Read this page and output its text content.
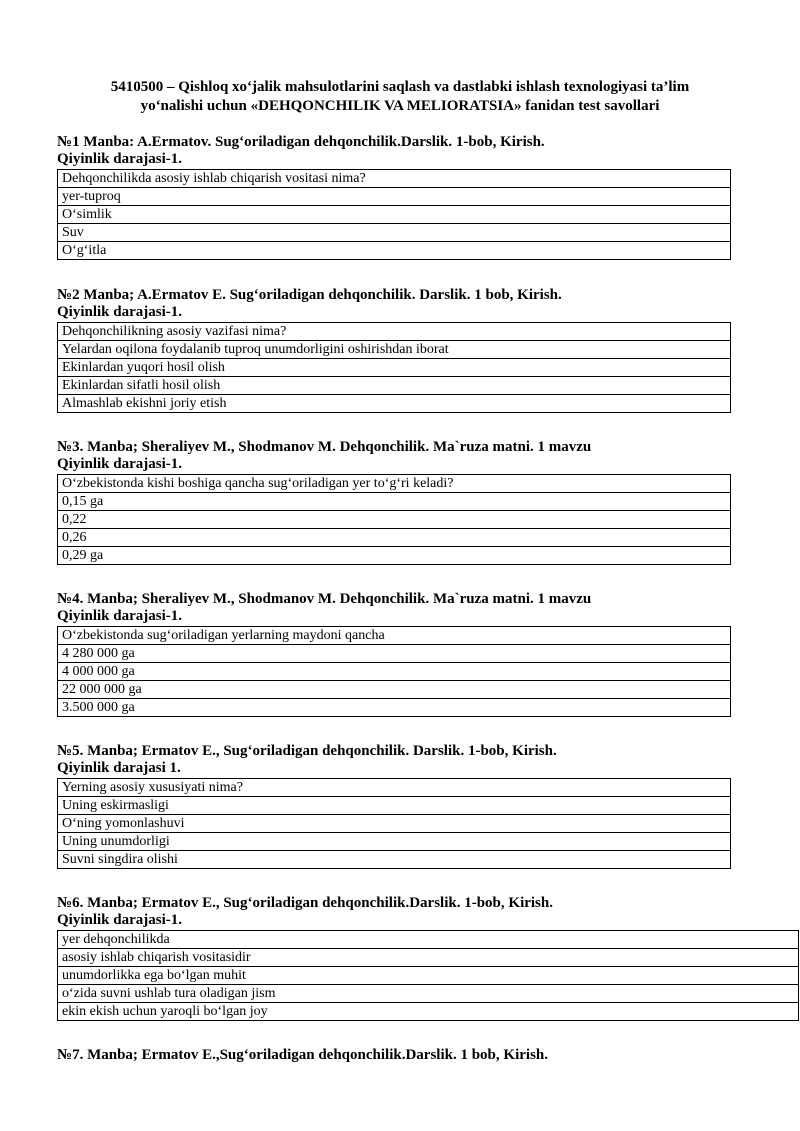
5410500 – Qishloq xo‘jalik mahsulotlarini saqlash va dastlabki ishlash texnologiyasi ta’lim
yo‘nalishi uchun «DEHQONCHILIK VA MELIORATSIA» fanidan test savollari
№1 Manba: A.Ermatov. Sug‘oriladigan dehqonchilik.Darslik. 1-bob, Kirish.
Qiyinlik darajasi-1.
Dehqonchilikda asosiy ishlab chiqarish vositasi nima?
yer-tuproq
O‘simlik
Suv
O‘g‘itla
№2 Manba; A.Ermatov E. Sug‘oriladigan dehqonchilik. Darslik. 1 bob, Kirish.
Qiyinlik darajasi-1.
Dehqonchilikning asosiy vazifasi nima?
Yelardan oqilona foydalanib tuproq unumdorligini oshirishdan iborat
Ekinlardan yuqori hosil olish
Ekinlardan sifatli hosil olish
Almashlab ekishni joriy etish
№3. Manba; Sheraliyev M., Shodmanov M. Dehqonchilik. Ma`ruza matni. 1 mavzu
Qiyinlik darajasi-1.
O‘zbekistonda kishi boshiga qancha sug‘oriladigan yer to‘g‘ri keladi?
0,15 ga
0,22
0,26
0,29 ga
№4. Manba; Sheraliyev M., Shodmanov M. Dehqonchilik. Ma`ruza matni. 1 mavzu
Qiyinlik darajasi-1.
O‘zbekistonda sug‘oriladigan yerlarning maydoni qancha
4 280 000 ga
4 000 000 ga
22 000 000 ga
3.500 000 ga
№5. Manba; Ermatov E., Sug‘oriladigan dehqonchilik. Darslik. 1-bob, Kirish.
Qiyinlik darajasi 1.
Yerning asosiy xususiyati nima?
Uning eskirmasligi
O‘ning yomonlashuvi
Uning unumdorligi
Suvni singdira olishi
№6. Manba; Ermatov E., Sug‘oriladigan dehqonchilik.Darslik. 1-bob, Kirish.
Qiyinlik darajasi-1.
yer dehqonchilikda
asosiy ishlab chiqarish vositasidir
unumdorlikka ega bo‘lgan muhit
o‘zida suvni ushlab tura oladigan jism
ekin ekish uchun yaroqli bo‘lgan joy
№7. Manba; Ermatov E.,Sug‘oriladigan dehqonchilik.Darslik. 1 bob, Kirish.
